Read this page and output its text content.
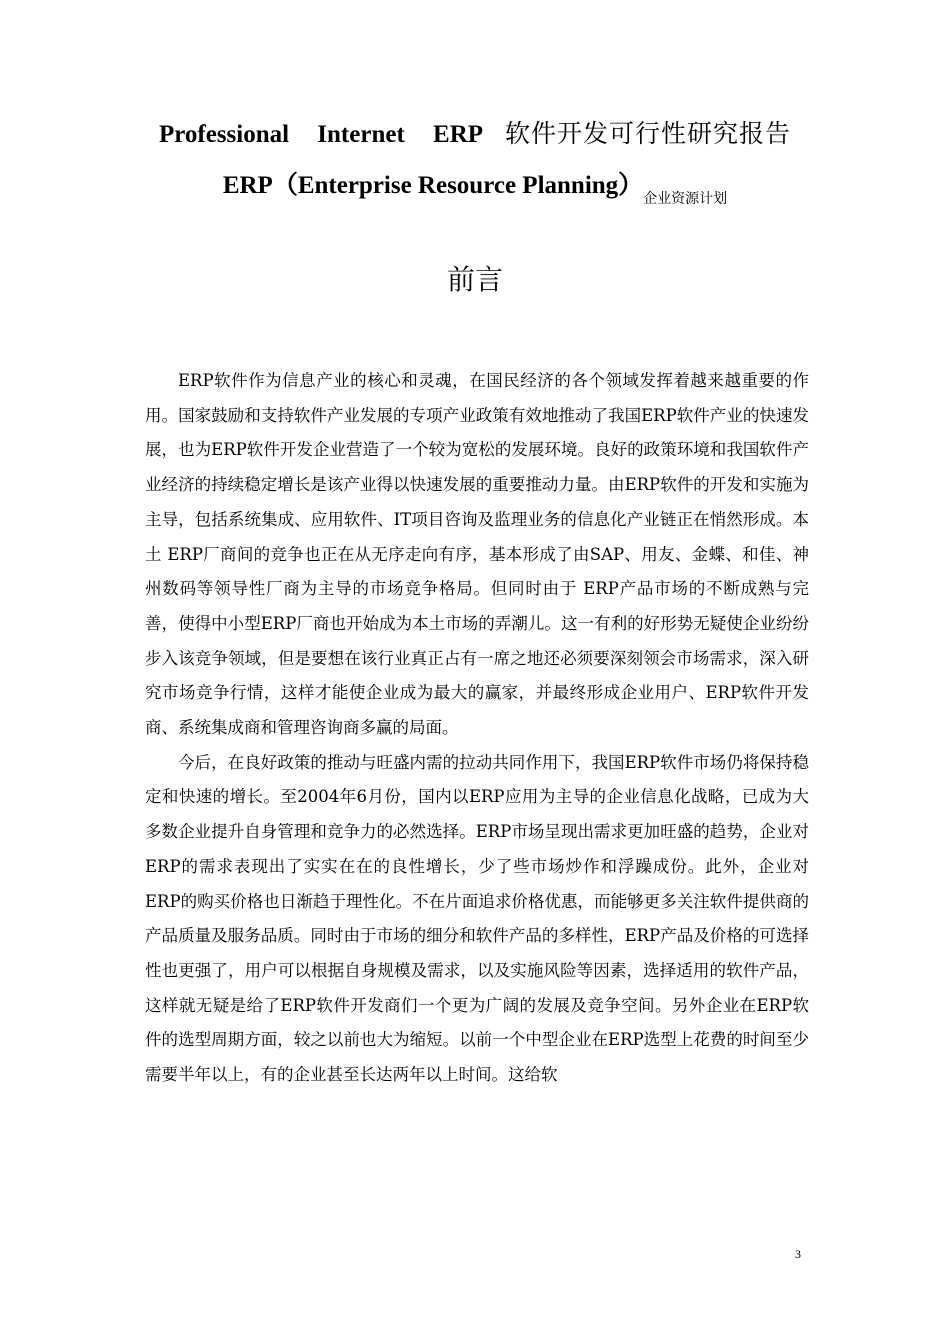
Professional Internet ERP 软件开发可行性研究报告
ERP（Enterprise Resource Planning）企业资源计划
前言

ERP软件作为信息产业的核心和灵魂，在国民经济的各个领域发挥着越来越重要的作用。国家鼓励和支持软件产业发展的专项产业政策有效地推动了我国ERP软件产业的快速发展，也为ERP软件开发企业营造了一个较为宽松的发展环境。良好的政策环境和我国软件产业经济的持续稳定增长是该产业得以快速发展的重要推动力量。由ERP软件的开发和实施为主导，包括系统集成、应用软件、IT项目咨询及监理业务的信息化产业链正在悄然形成。本土 ERP厂商间的竞争也正在从无序走向有序，基本形成了由SAP、用友、金蝶、和佳、神州数码等领导性厂商为主导的市场竞争格局。但同时由于 ERP产品市场的不断成熟与完善，使得中小型ERP厂商也开始成为本土市场的弄潮儿。这一有利的好形势无疑使企业纷纷步入该竞争领域，但是要想在该行业真正占有一席之地还必须要深刻领会市场需求，深入研究市场竞争行情，这样才能使企业成为最大的赢家，并最终形成企业用户、ERP软件开发商、系统集成商和管理咨询商多赢的局面。

今后，在良好政策的推动与旺盛内需的拉动共同作用下，我国ERP软件市场仍将保持稳定和快速的增长。至2004年6月份，国内以ERP应用为主导的企业信息化战略，已成为大多数企业提升自身管理和竞争力的必然选择。ERP市场呈现出需求更加旺盛的趋势，企业对ERP的需求表现出了实实在在的良性增长，少了些市场炒作和浮躁成份。此外，企业对ERP的购买价格也日渐趋于理性化。不在片面追求价格优惠，而能够更多关注软件提供商的产品质量及服务品质。同时由于市场的细分和软件产品的多样性，ERP产品及价格的可选择性也更强了，用户可以根据自身规模及需求，以及实施风险等因素，选择适用的软件产品，这样就无疑是给了ERP软件开发商们一个更为广阔的发展及竞争空间。另外企业在ERP软件的选型周期方面，较之以前也大为缩短。以前一个中型企业在ERP选型上花费的时间至少需要半年以上，有的企业甚至长达两年以上时间。这给软

3
